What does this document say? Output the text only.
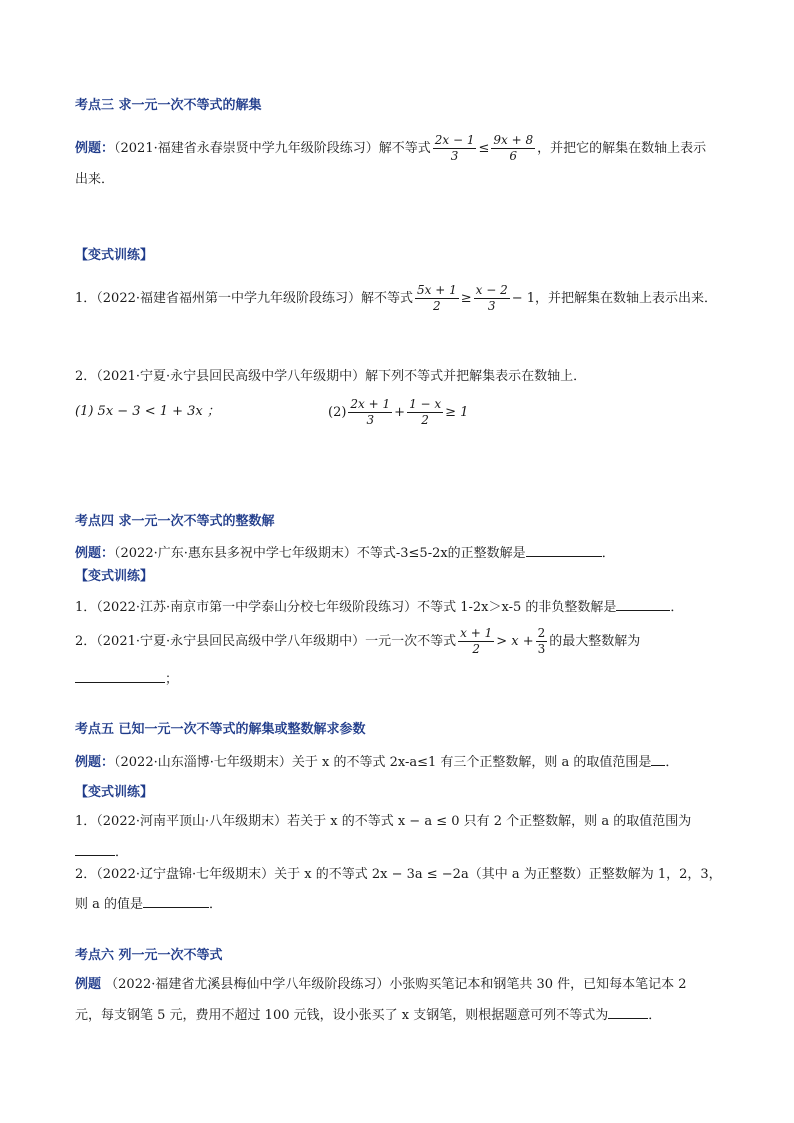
考点三 求一元一次不等式的解集
例题：（2021·福建省永春崇贤中学九年级阶段练习）解不等式 $\frac{2x - 1}{3} \le \frac{9x + 8}{6}$ ，并把它的解集在数轴上表示
出来．
【变式训练】
1．（2022·福建省福州第一中学九年级阶段练习）解不等式 $\frac{5x + 1}{2} \ge \frac{x - 2}{3} - 1$，并把解集在数轴上表示出来．
2．（2021·宁夏·永宁县回民高级中学八年级期中）解下列不等式并把解集表示在数轴上．
(1) 5x − 3 < 1 + 3x ；	$(2) \frac{2x + 1}{3} + \frac{1 - x}{2} \ge 1$
考点四 求一元一次不等式的整数解
例题：（2022·广东·惠东县多祝中学七年级期末）不等式-3≤5-2x的正整数解是	．
【变式训练】
1．（2022·江苏·南京市第一中学泰山分校七年级阶段练习）不等式 1-2x＞x-5 的非负整数解是	．
2．（2021·宁夏·永宁县回民高级中学八年级期中）一元一次不等式 $\frac{x + 1}{2} > x + \frac{2}{3}$ 的最大整数解为
；
考点五 已知一元一次不等式的解集或整数解求参数
例题：（2022·山东淄博·七年级期末）关于 x 的不等式 2x-a≤1 有三个正整数解，则 a 的取值范围是 ．
【变式训练】
1．（2022·河南平顶山·八年级期末）若关于 x 的不等式 x − a ≤ 0 只有 2 个正整数解，则 a 的取值范围为
．
2．（2022·辽宁盘锦·七年级期末）关于 x 的不等式 2x − 3a ≤ −2a（其中 a 为正整数）正整数解为 1，2，3，
则 a 的值是	．
考点六 列一元一次不等式
例题 （2022·福建省尤溪县梅仙中学八年级阶段练习）小张购买笔记本和钢笔共 30 件，已知每本笔记本 2
元，每支钢笔 5 元，费用不超过 100 元钱，设小张买了 x 支钢笔，则根据题意可列不等式为	．
